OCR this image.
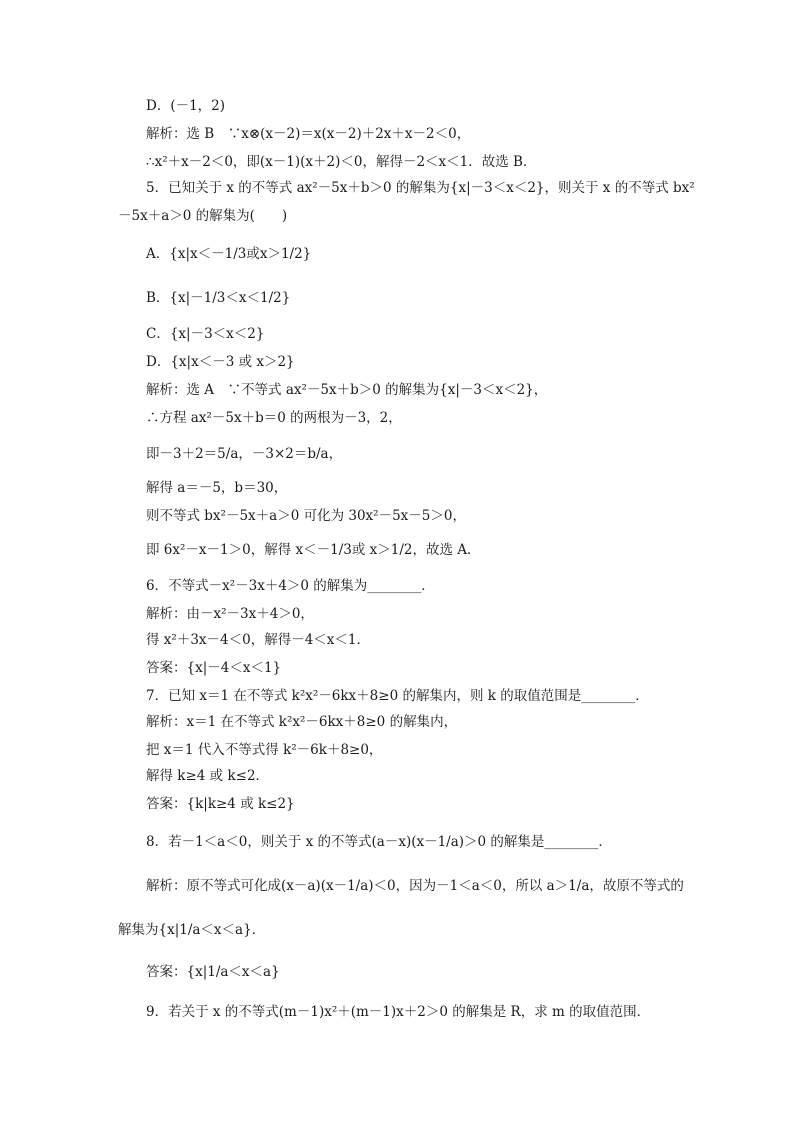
D．(－1，2)
解析：选 B　∵x⊗(x－2)＝x(x－2)＋2x＋x－2＜0，
∴x²＋x－2＜0，即(x－1)(x＋2)＜0，解得－2＜x＜1．故选 B．
5．已知关于 x 的不等式 ax²－5x＋b＞0 的解集为{x|－3＜x＜2}，则关于 x 的不等式 bx²
－5x＋a＞0 的解集为(　　)
A．{x|x＜－1/3或x＞1/2}
B．{x|－1/3＜x＜1/2}
C．{x|－3＜x＜2}
D．{x|x＜－3 或 x＞2}
解析：选 A　∵不等式 ax²－5x＋b＞0 的解集为{x|－3＜x＜2}，
∴方程 ax²－5x＋b＝0 的两根为－3，2，
即－3＋2＝5/a，－3×2＝b/a，
解得 a＝－5，b＝30，
则不等式 bx²－5x＋a＞0 可化为 30x²－5x－5＞0，
即 6x²－x－1＞0，解得 x＜－1/3或 x＞1/2，故选 A．
6．不等式－x²－3x＋4＞0 的解集为________．
解析：由－x²－3x＋4＞0，
得 x²＋3x－4＜0，解得－4＜x＜1．
答案：{x|－4＜x＜1}
7．已知 x＝1 在不等式 k²x²－6kx＋8≥0 的解集内，则 k 的取值范围是________．
解析：x＝1 在不等式 k²x²－6kx＋8≥0 的解集内，
把 x＝1 代入不等式得 k²－6k＋8≥0，
解得 k≥4 或 k≤2．
答案：{k|k≥4 或 k≤2}
8．若－1＜a＜0，则关于 x 的不等式(a－x)(x－1/a)＞0 的解集是________．
解析：原不等式可化成(x－a)(x－1/a)＜0，因为－1＜a＜0，所以 a＞1/a，故原不等式的
解集为{x|1/a＜x＜a}．
答案：{x|1/a＜x＜a}
9．若关于 x 的不等式(m－1)x²＋(m－1)x＋2＞0 的解集是 R，求 m 的取值范围．
